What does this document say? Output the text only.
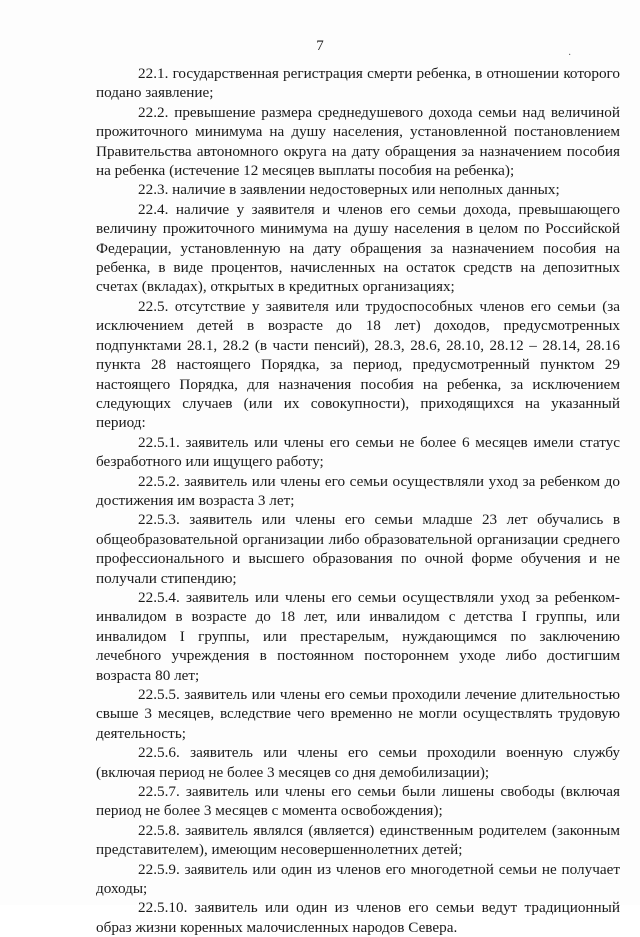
7
·

22.1. государственная регистрация смерти ребенка, в отношении которого подано заявление;

22.2. превышение размера среднедушевого дохода семьи над величиной прожиточного минимума на душу населения, установленной постановлением Правительства автономного округа на дату обращения за назначением пособия на ребенка (истечение 12 месяцев выплаты пособия на ребенка);

22.3. наличие в заявлении недостоверных или неполных данных;

22.4. наличие у заявителя и членов его семьи дохода, превышающего величину прожиточного минимума на душу населения в целом по Российской Федерации, установленную на дату обращения за назначением пособия на ребенка, в виде процентов, начисленных на остаток средств на депозитных счетах (вкладах), открытых в кредитных организациях;

22.5. отсутствие у заявителя или трудоспособных членов его семьи (за исключением детей в возрасте до 18 лет) доходов, предусмотренных подпунктами 28.1, 28.2 (в части пенсий), 28.3, 28.6, 28.10, 28.12 – 28.14, 28.16 пункта 28 настоящего Порядка, за период, предусмотренный пунктом 29 настоящего Порядка, для назначения пособия на ребенка, за исключением следующих случаев (или их совокупности), приходящихся на указанный период:

22.5.1. заявитель или члены его семьи не более 6 месяцев имели статус безработного или ищущего работу;

22.5.2. заявитель или члены его семьи осуществляли уход за ребенком до достижения им возраста 3 лет;

22.5.3. заявитель или члены его семьи младше 23 лет обучались в общеобразовательной организации либо образовательной организации среднего профессионального и высшего образования по очной форме обучения и не получали стипендию;

22.5.4. заявитель или члены его семьи осуществляли уход за ребенком-инвалидом в возрасте до 18 лет, или инвалидом с детства I группы, или инвалидом I группы, или престарелым, нуждающимся по заключению лечебного учреждения в постоянном постороннем уходе либо достигшим возраста 80 лет;

22.5.5. заявитель или члены его семьи проходили лечение длительностью свыше 3 месяцев, вследствие чего временно не могли осуществлять трудовую деятельность;

22.5.6. заявитель или члены его семьи проходили военную службу (включая период не более 3 месяцев со дня демобилизации);

22.5.7. заявитель или члены его семьи были лишены свободы (включая период не более 3 месяцев с момента освобождения);

22.5.8. заявитель являлся (является) единственным родителем (законным представителем), имеющим несовершеннолетних детей;

22.5.9. заявитель или один из членов его многодетной семьи не получает доходы;

22.5.10. заявитель или один из членов его семьи ведут традиционный образ жизни коренных малочисленных народов Севера.
